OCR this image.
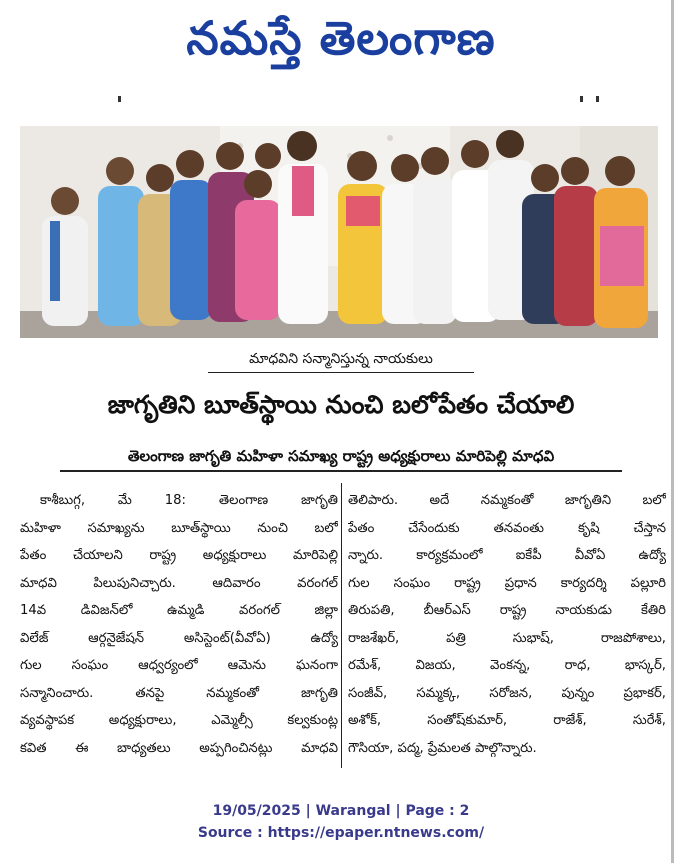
నమస్తే తెలంగాణ
మాధవిని సన్మానిస్తున్న నాయకులు
జాగృతిని బూత్‌స్థాయి నుంచి బలోపేతం చేయాలి
తెలంగాణ జాగృతి మహిళా సమాఖ్య రాష్ట్ర అధ్యక్షురాలు మారిపెల్లి మాధవి
కాశీబుగ్గ, మే 18: తెలంగాణ జాగృతి
మహిళా సమాఖ్యను బూత్‌స్థాయి నుంచి బలో
పేతం చేయాలని రాష్ట్ర అధ్యక్షురాలు మారిపెల్లి
మాధవి పిలుపునిచ్చారు. ఆదివారం వరంగల్
14వ డివిజన్‌లో ఉమ్మడి వరంగల్ జిల్లా
విలేజ్ ఆర్గనైజేషన్ అసిస్టెంట్(వీవోఏ) ఉద్యో
గుల సంఘం ఆధ్వర్యంలో ఆమెను ఘనంగా
సన్మానించారు. తనపై నమ్మకంతో జాగృతి
వ్యవస్థాపక అధ్యక్షురాలు, ఎమ్మెల్సీ కల్వకుంట్ల
కవిత ఈ బాధ్యతలు అప్పగించినట్లు మాధవి
తెలిపారు. అదే నమ్మకంతో జాగృతిని బలో
పేతం చేసేందుకు తనవంతు కృషి చేస్తాన
న్నారు. కార్యక్రమంలో ఐకేపీ వీవోఏ ఉద్యో
గుల సంఘం రాష్ట్ర ప్రధాన కార్యదర్శి పల్లూరి
తిరుపతి, బీఆర్ఎస్ రాష్ట్ర నాయకుడు కేతిరి
రాజశేఖర్, పత్రి సుభాష్, రాజపోశాలు,
రమేశ్, విజయ, వెంకన్న, రాధ, భాస్కర్,
సంజీవ్, సమ్మక్క, సరోజన, పున్నం ప్రభాకర్,
అశోక్, సంతోష్‌కుమార్, రాజేశ్, సురేశ్,
గౌసియా, పద్మ, ప్రేమలత పాల్గొన్నారు.
19/05/2025 | Warangal | Page : 2
Source : https://epaper.ntnews.com/
